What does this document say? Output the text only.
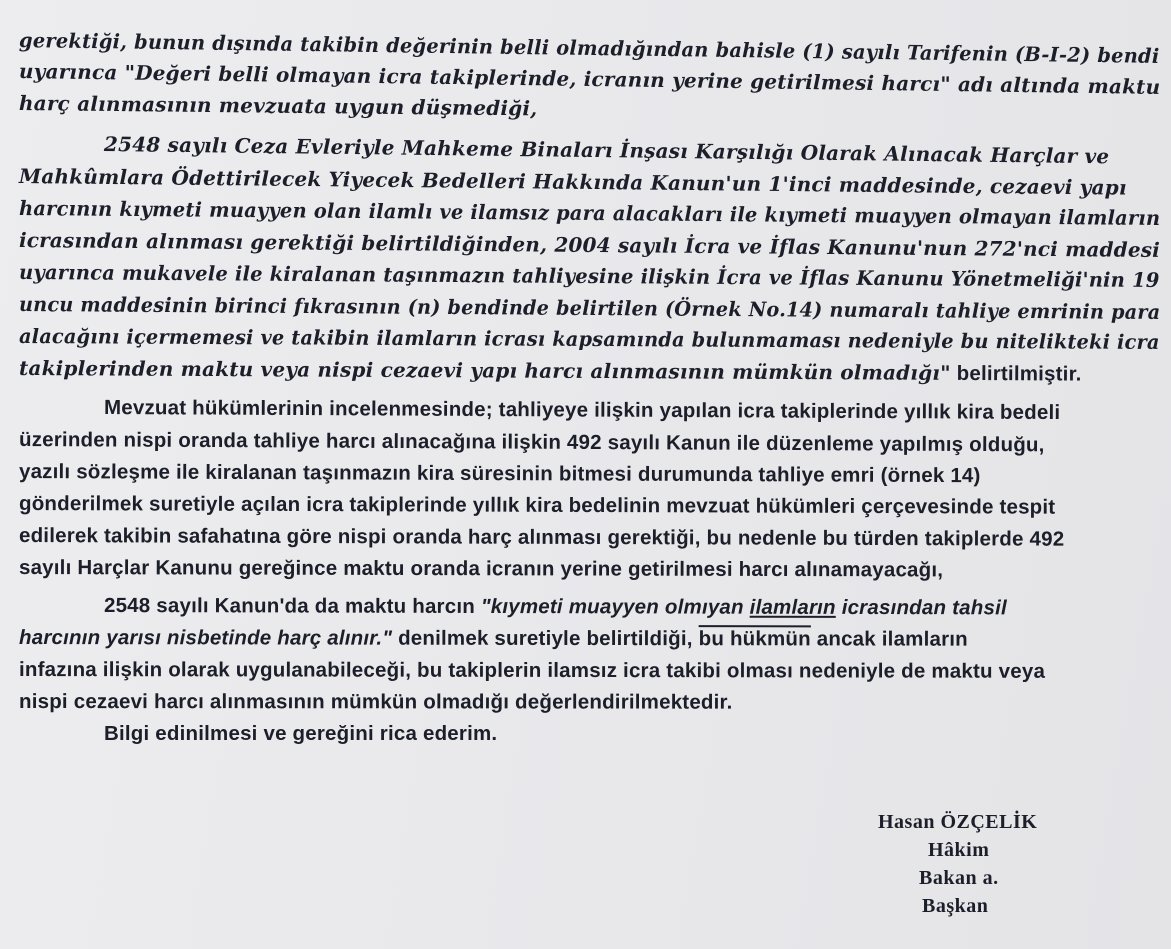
gerektiği, bunun dışında takibin değerinin belli olmadığından bahisle (1) sayılı Tarifenin (B-I-2) bendi
uyarınca "Değeri belli olmayan icra takiplerinde, icranın yerine getirilmesi harcı" adı altında maktu
harç alınmasının mevzuata uygun düşmediği,
2548 sayılı Ceza Evleriyle Mahkeme Binaları İnşası Karşılığı Olarak Alınacak Harçlar ve
Mahkûmlara Ödettirilecek Yiyecek Bedelleri Hakkında Kanun'un 1'inci maddesinde, cezaevi yapı
harcının kıymeti muayyen olan ilamlı ve ilamsız para alacakları ile kıymeti muayyen olmayan ilamların
icrasından alınması gerektiği belirtildiğinden, 2004 sayılı İcra ve İflas Kanunu'nun 272'nci maddesi
uyarınca mukavele ile kiralanan taşınmazın tahliyesine ilişkin İcra ve İflas Kanunu Yönetmeliği'nin 19
uncu maddesinin birinci fıkrasının (n) bendinde belirtilen (Örnek No.14) numaralı tahliye emrinin para
alacağını içermemesi ve takibin ilamların icrası kapsamında bulunmaması nedeniyle bu nitelikteki icra
takiplerinden maktu veya nispi cezaevi yapı harcı alınmasının mümkün olmadığı" belirtilmiştir.
Mevzuat hükümlerinin incelenmesinde; tahliyeye ilişkin yapılan icra takiplerinde yıllık kira bedeli
üzerinden nispi oranda tahliye harcı alınacağına ilişkin 492 sayılı Kanun ile düzenleme yapılmış olduğu,
yazılı sözleşme ile kiralanan taşınmazın kira süresinin bitmesi durumunda tahliye emri (örnek 14)
gönderilmek suretiyle açılan icra takiplerinde yıllık kira bedelinin mevzuat hükümleri çerçevesinde tespit
edilerek takibin safahatına göre nispi oranda harç alınması gerektiği, bu nedenle bu türden takiplerde 492
sayılı Harçlar Kanunu gereğince maktu oranda icranın yerine getirilmesi harcı alınamayacağı,
2548 sayılı Kanun'da da maktu harcın "kıymeti muayyen olmıyan ilamların icrasından tahsil
harcının yarısı nisbetinde harç alınır." denilmek suretiyle belirtildiği, bu hükmün ancak ilamların
infazına ilişkin olarak uygulanabileceği, bu takiplerin ilamsız icra takibi olması nedeniyle de maktu veya
nispi cezaevi harcı alınmasının mümkün olmadığı değerlendirilmektedir.
Bilgi edinilmesi ve gereğini rica ederim.
Hasan ÖZÇELİK
Hâkim
Bakan a.
Başkan
